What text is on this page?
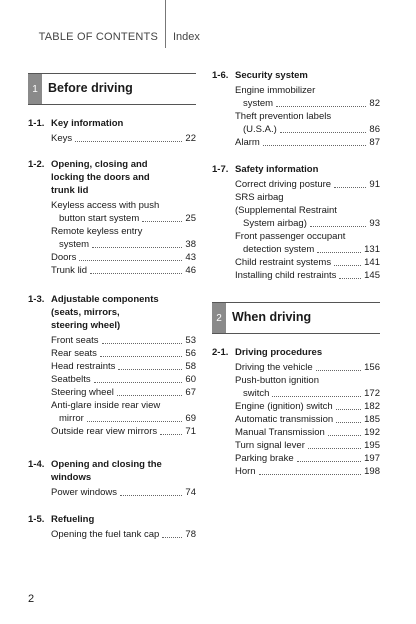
TABLE OF CONTENTS Index
1 Before driving
1-1. Key information
Keys	22
1-2. Opening, closing and
locking the doors and
trunk lid
Keyless access with push
button start system	25
Remote keyless entry
system	38
Doors	43
Trunk lid	46
1-3. Adjustable components
(seats, mirrors,
steering wheel)
Front seats	53
Rear seats	56
Head restraints	58
Seatbelts	60
Steering wheel	67
Anti-glare inside rear view
mirror	69
Outside rear view mirrors	71
1-4. Opening and closing the
windows
Power windows	74
1-5. Refueling
Opening the fuel tank cap	78
1-6. Security system
Engine immobilizer
system	82
Theft prevention labels
(U.S.A.)	86
Alarm	87
1-7. Safety information
Correct driving posture	91
SRS airbag
(Supplemental Restraint
System airbag)	93
Front passenger occupant
detection system	131
Child restraint systems	141
Installing child restraints	145
2 When driving
2-1. Driving procedures
Driving the vehicle	156
Push-button ignition
switch	172
Engine (ignition) switch	182
Automatic transmission	185
Manual Transmission	192
Turn signal lever	195
Parking brake	197
Horn	198
2
